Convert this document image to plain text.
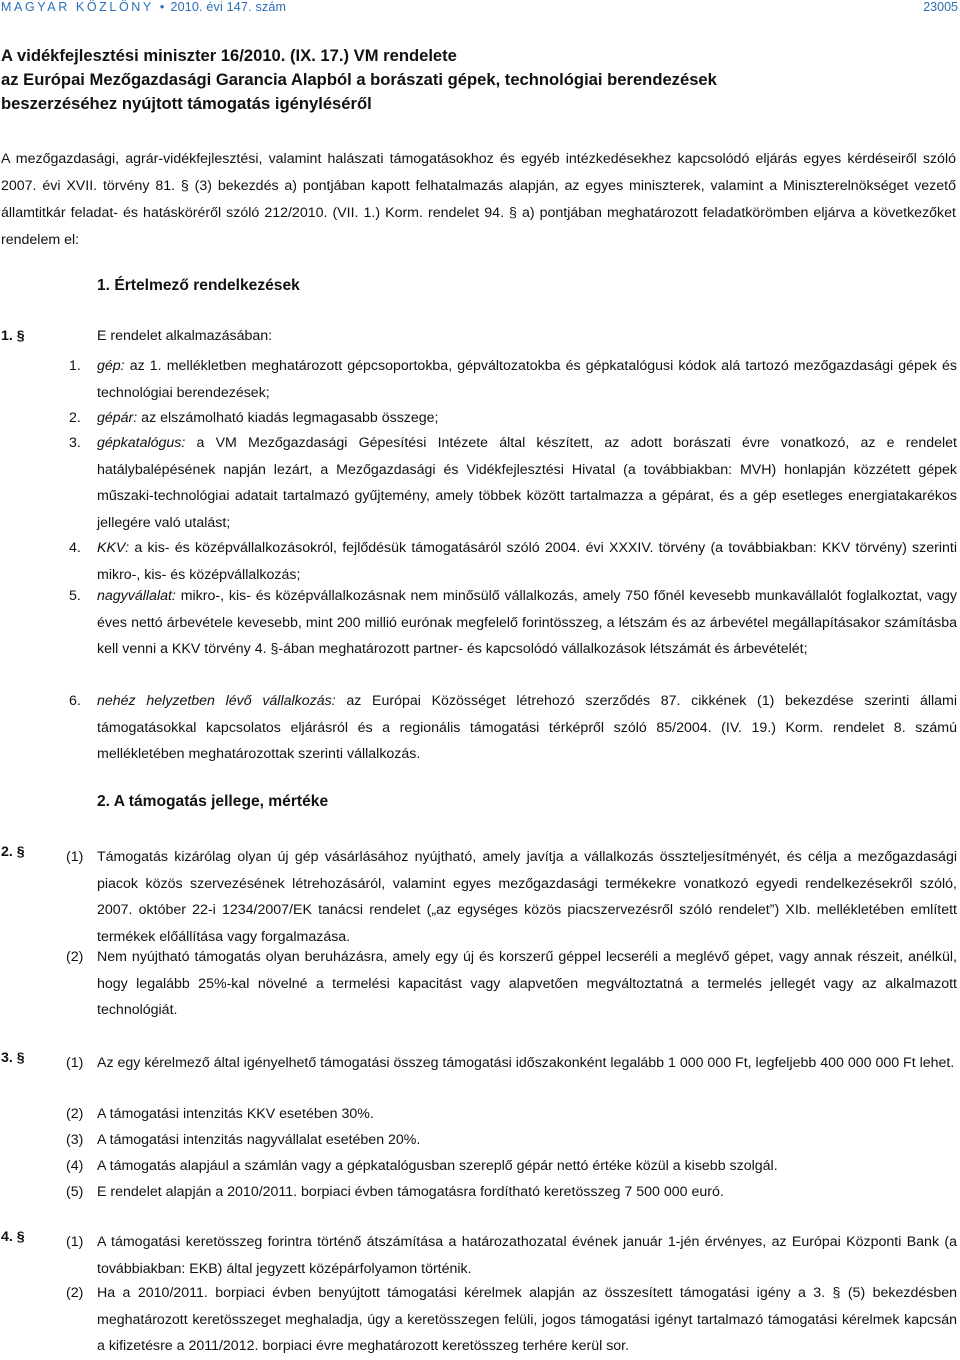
MAGYAR KÖZLÖNY • 2010. évi 147. szám	23005
A vidékfejlesztési miniszter 16/2010. (IX. 17.) VM rendelete
az Európai Mezőgazdasági Garancia Alapból a borászati gépek, technológiai berendezések
beszerzéséhez nyújtott támogatás igényléséről
A mezőgazdasági, agrár-vidékfejlesztési, valamint halászati támogatásokhoz és egyéb intézkedésekhez kapcsolódó eljárás egyes kérdéseiről szóló 2007. évi XVII. törvény 81. § (3) bekezdés a) pontjában kapott felhatalmazás alapján, az egyes miniszterek, valamint a Miniszterelnökséget vezető államtitkár feladat- és hatásköréről szóló 212/2010. (VII. 1.) Korm. rendelet 94. § a) pontjában meghatározott feladatkörömben eljárva a következőket rendelem el:
1. Értelmező rendelkezések
1. §	E rendelet alkalmazásában:
1. gép: az 1. mellékletben meghatározott gépcsoportokba, gépváltozatokba és gépkatalógusi kódok alá tartozó mezőgazdasági gépek és technológiai berendezések;
2. gépár: az elszámolható kiadás legmagasabb összege;
3. gépkatalógus: a VM Mezőgazdasági Gépesítési Intézete által készített, az adott borászati évre vonatkozó, az e rendelet hatálybalépésének napján lezárt, a Mezőgazdasági és Vidékfejlesztési Hivatal (a továbbiakban: MVH) honlapján közzétett gépek műszaki-technológiai adatait tartalmazó gyűjtemény, amely többek között tartalmazza a gépárat, és a gép esetleges energiatakarékos jellegére való utalást;
4. KKV: a kis- és középvállalkozásokról, fejlődésük támogatásáról szóló 2004. évi XXXIV. törvény (a továbbiakban: KKV törvény) szerinti mikro-, kis- és középvállalkozás;
5. nagyvállalat: mikro-, kis- és középvállalkozásnak nem minősülő vállalkozás, amely 750 főnél kevesebb munkavállalót foglalkoztat, vagy éves nettó árbevétele kevesebb, mint 200 millió eurónak megfelelő forintösszeg, a létszám és az árbevétel megállapításakor számításba kell venni a KKV törvény 4. §-ában meghatározott partner- és kapcsolódó vállalkozások létszámát és árbevételét;
6. nehéz helyzetben lévő vállalkozás: az Európai Közösséget létrehozó szerződés 87. cikkének (1) bekezdése szerinti állami támogatásokkal kapcsolatos eljárásról és a regionális támogatási térképről szóló 85/2004. (IV. 19.) Korm. rendelet 8. számú mellékletében meghatározottak szerinti vállalkozás.
2. A támogatás jellege, mértéke
2. §	(1) Támogatás kizárólag olyan új gép vásárlásához nyújtható, amely javítja a vállalkozás összteljesítményét, és célja a mezőgazdasági piacok közös szervezésének létrehozásáról, valamint egyes mezőgazdasági termékekre vonatkozó egyedi rendelkezésekről szóló, 2007. október 22-i 1234/2007/EK tanácsi rendelet („az egységes közös piacszervezésről szóló rendelet”) XIb. mellékletében említett termékek előállítása vagy forgalmazása.
(2) Nem nyújtható támogatás olyan beruházásra, amely egy új és korszerű géppel lecseréli a meglévő gépet, vagy annak részeit, anélkül, hogy legalább 25%-kal növelné a termelési kapacitást vagy alapvetően megváltoztatná a termelés jellegét vagy az alkalmazott technológiát.
3. §	(1) Az egy kérelmező által igényelhető támogatási összeg támogatási időszakonként legalább 1 000 000 Ft, legfeljebb 400 000 000 Ft lehet.
(2) A támogatási intenzitás KKV esetében 30%.
(3) A támogatási intenzitás nagyvállalat esetében 20%.
(4) A támogatás alapjául a számlán vagy a gépkatalógusban szereplő gépár nettó értéke közül a kisebb szolgál.
(5) E rendelet alapján a 2010/2011. borpiaci évben támogatásra fordítható keretösszeg 7 500 000 euró.
4. §	(1) A támogatási keretösszeg forintra történő átszámítása a határozathozatal évének január 1-jén érvényes, az Európai Központi Bank (a továbbiakban: EKB) által jegyzett középárfolyamon történik.
(2) Ha a 2010/2011. borpiaci évben benyújtott támogatási kérelmek alapján az összesített támogatási igény a 3. § (5) bekezdésben meghatározott keretösszeget meghaladja, úgy a keretösszegen felüli, jogos támogatási igényt tartalmazó támogatási kérelmek kapcsán a kifizetésre a 2011/2012. borpiaci évre meghatározott keretösszeg terhére kerül sor.
